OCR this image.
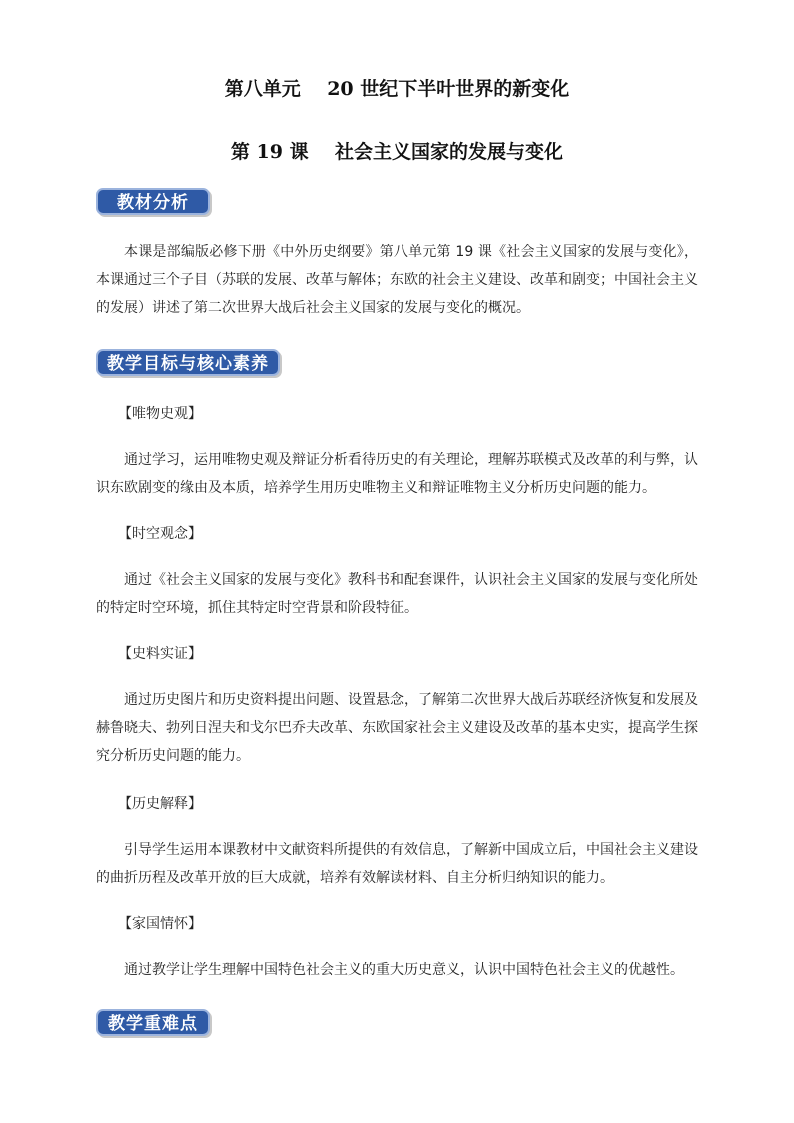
第八单元    20 世纪下半叶世界的新变化
第 19 课    社会主义国家的发展与变化
教材分析
本课是部编版必修下册《中外历史纲要》第八单元第 19 课《社会主义国家的发展与变化》，本课通过三个子目（苏联的发展、改革与解体；东欧的社会主义建设、改革和剧变；中国社会主义的发展）讲述了第二次世界大战后社会主义国家的发展与变化的概况。
教学目标与核心素养
【唯物史观】
通过学习，运用唯物史观及辩证分析看待历史的有关理论，理解苏联模式及改革的利与弊，认识东欧剧变的缘由及本质，培养学生用历史唯物主义和辩证唯物主义分析历史问题的能力。
【时空观念】
通过《社会主义国家的发展与变化》教科书和配套课件，认识社会主义国家的发展与变化所处的特定时空环境，抓住其特定时空背景和阶段特征。
【史料实证】
通过历史图片和历史资料提出问题、设置悬念，了解第二次世界大战后苏联经济恢复和发展及赫鲁晓夫、勃列日涅夫和戈尔巴乔夫改革、东欧国家社会主义建设及改革的基本史实，提高学生探究分析历史问题的能力。
【历史解释】
引导学生运用本课教材中文献资料所提供的有效信息，了解新中国成立后，中国社会主义建设的曲折历程及改革开放的巨大成就，培养有效解读材料、自主分析归纳知识的能力。
【家国情怀】
通过教学让学生理解中国特色社会主义的重大历史意义，认识中国特色社会主义的优越性。
教学重难点
